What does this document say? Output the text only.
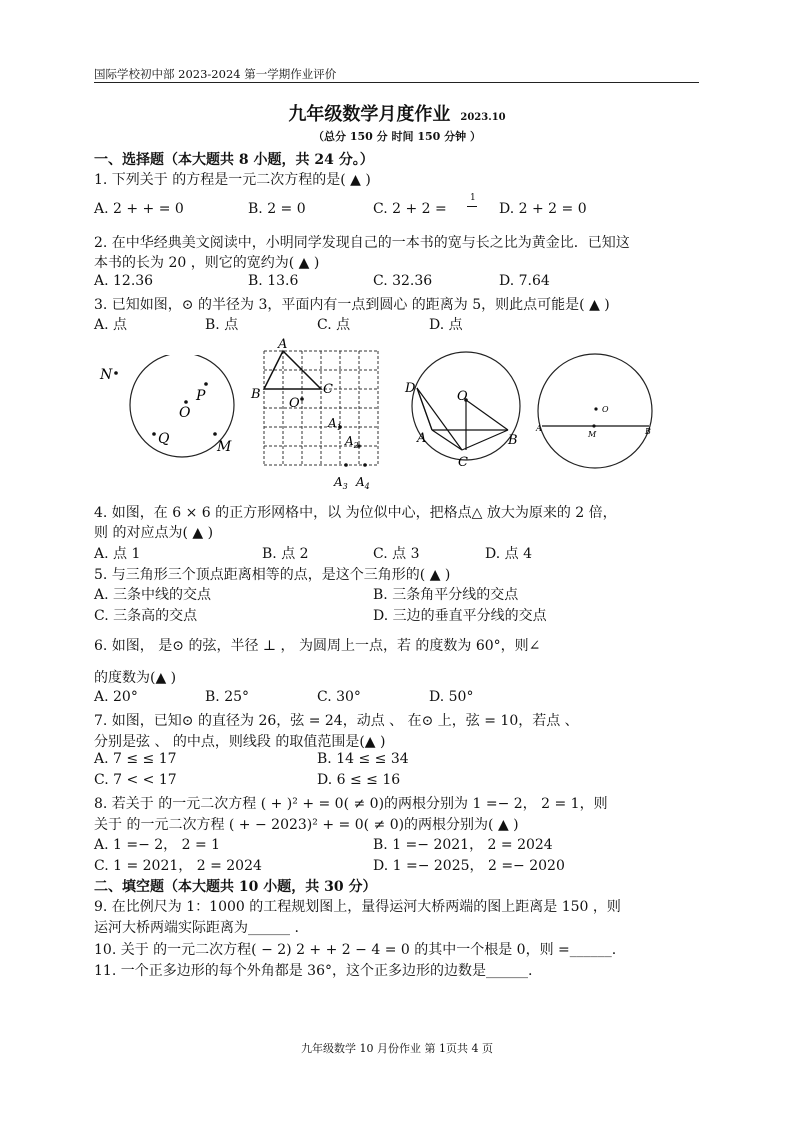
国际学校初中部 2023-2024 第一学期作业评价
九年级数学月度作业 2023.10
（总分 150 分 时间 150 分钟 ）
一、选择题（本大题共 8 小题，共 24 分。）
1. 下列关于 的方程是一元二次方程的是( ▲ )
A. 2 + + = 0	B. 2 = 0	C. 2 + 2 =
1
D. 2 + 2 = 0
2. 在中华经典美文阅读中，小明同学发现自己的一本书的宽与长之比为黄金比．已知这
本书的长为 20 ，则它的宽约为( ▲ )
A. 12.36	B. 13.6	C. 32.36	D. 7.64
3. 已知如图，⊙ 的半径为 3，平面内有一点到圆心 的距离为 5，则此点可能是( ▲ )
A. 点	B. 点	C. 点	D. 点
N
P
O
Q	M
A
B	C
O
$A_1$
$A_2$
$A_3$ $A_4$
O
D
A	B
C
O
M
A	B
4. 如图，在 6 × 6 的正方形网格中，以 为位似中心，把格点△ 放大为原来的 2 倍，
则 的对应点为( ▲ )
A. 点 1	B. 点 2	C. 点 3	D. 点 4
5. 与三角形三个顶点距离相等的点，是这个三角形的( ▲ )
A. 三条中线的交点	B. 三条角平分线的交点
C. 三条高的交点	D. 三边的垂直平分线的交点
6. 如图， 是⊙ 的弦，半径 ⊥ ， 为圆周上一点，若 的度数为 60°，则∠
的度数为(▲ )
A. 20°	B. 25°	C. 30°	D. 50°
7. 如图，已知⊙ 的直径为 26，弦 = 24，动点 、 在⊙ 上，弦 = 10，若点 、
分别是弦 、 的中点，则线段 的取值范围是(▲ )
A. 7 ≤ ≤ 17	B. 14 ≤ ≤ 34
C. 7 < < 17	D. 6 ≤ ≤ 16
8. 若关于 的一元二次方程 ( + )² + = 0( ≠ 0)的两根分别为 1 =− 2， 2 = 1，则
关于 的一元二次方程 ( + − 2023)² + = 0( ≠ 0)的两根分别为( ▲ )
A. 1 =− 2， 2 = 1	B. 1 =− 2021， 2 = 2024
C. 1 = 2021， 2 = 2024	D. 1 =− 2025， 2 =− 2020
二、填空题（本大题共 10 小题，共 30 分）
9. 在比例尺为 1：1000 的工程规划图上，量得运河大桥两端的图上距离是 150 ，则
运河大桥两端实际距离为______ .
10. 关于 的一元二次方程( − 2) 2 + + 2 − 4 = 0 的其中一个根是 0，则 =______.
11. 一个正多边形的每个外角都是 36°，这个正多边形的边数是______.
九年级数学 10 月份作业 第 1页共 4 页
